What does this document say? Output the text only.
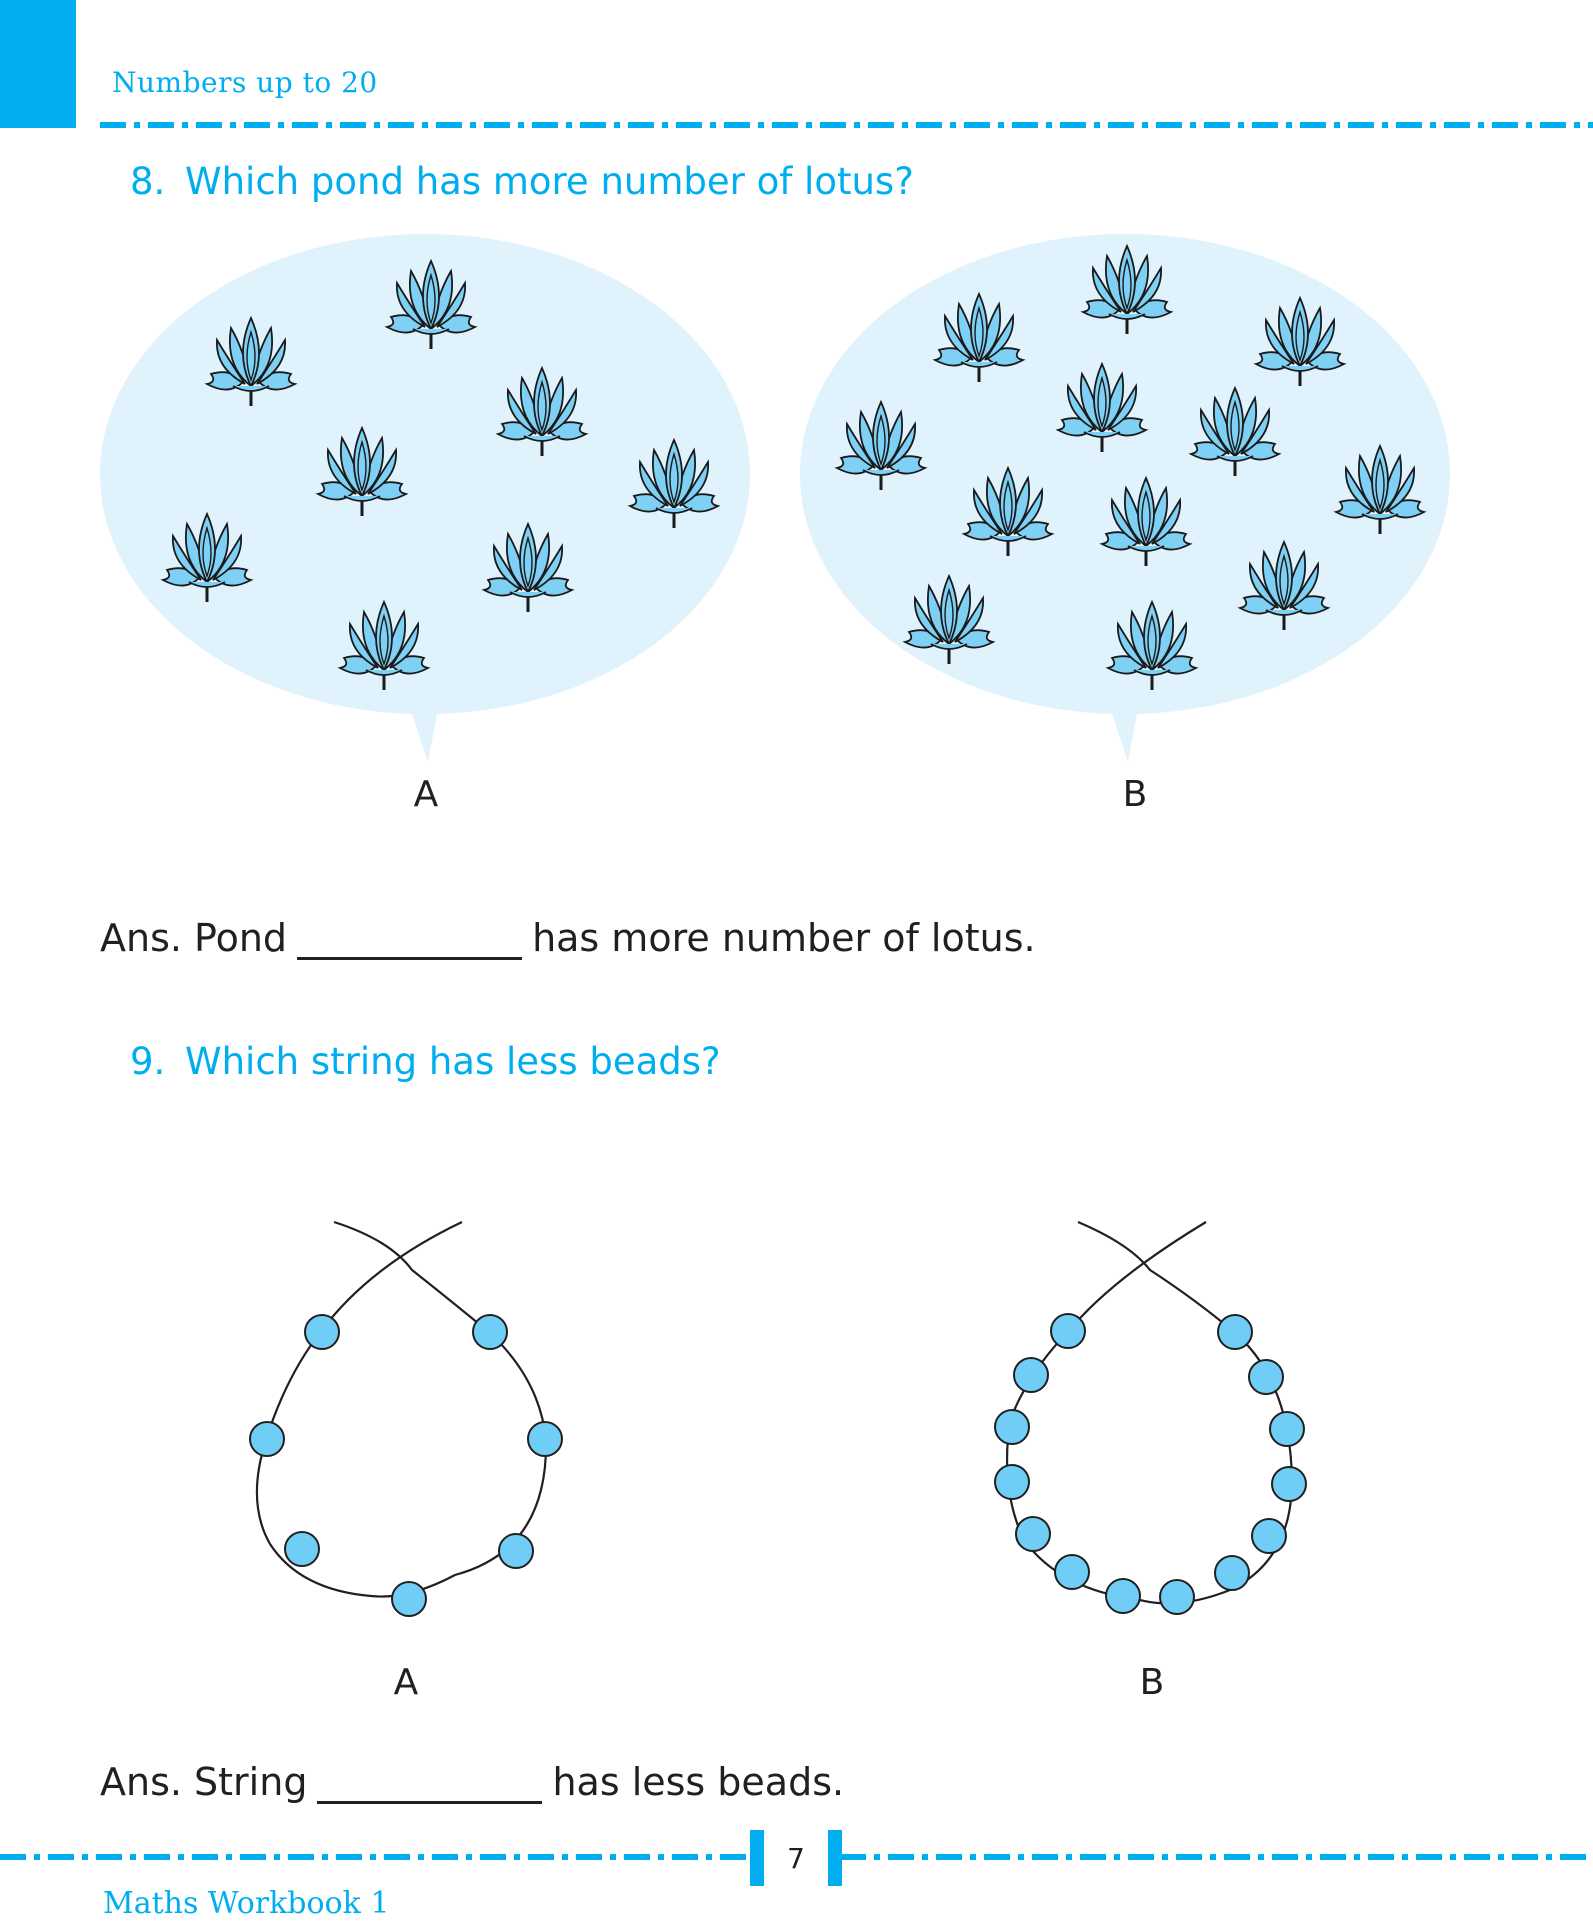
Numbers up to 20
8. Which pond has more number of lotus?
A	B
Ans. Pond	has more number of lotus.
9. Which string has less beads?
A	B
Ans. String	has less beads.
7
Maths Workbook 1
